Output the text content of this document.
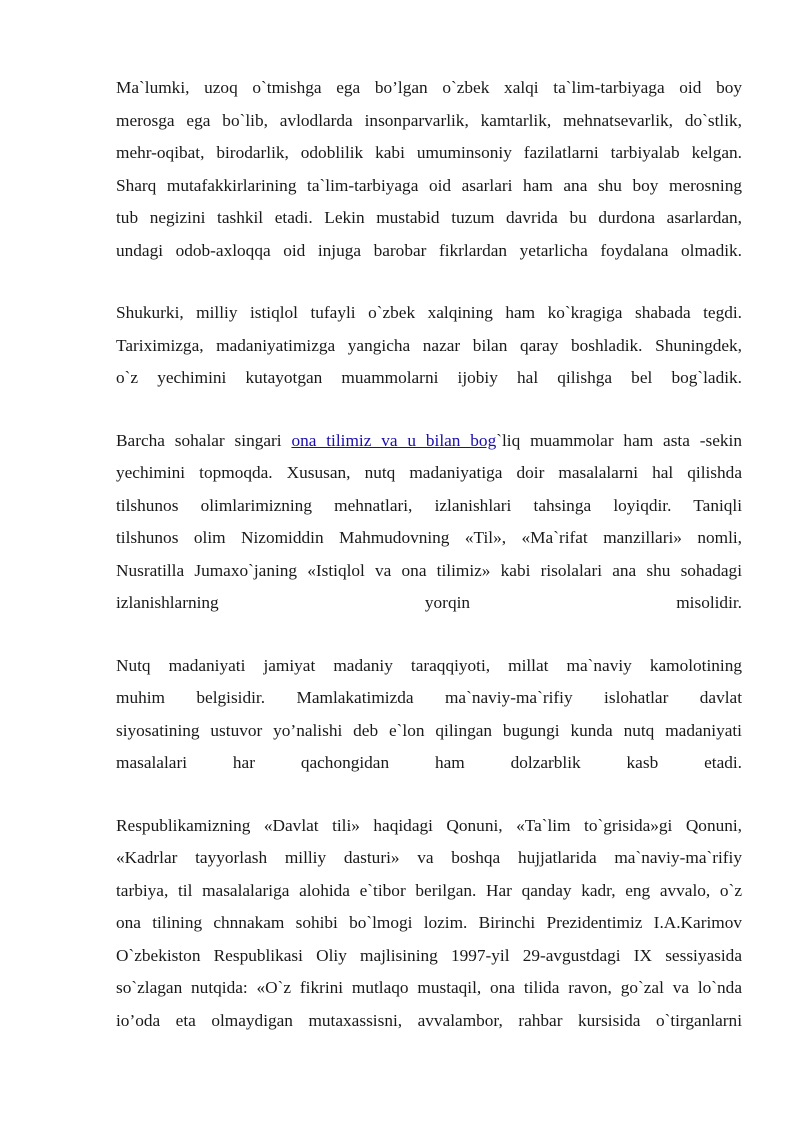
Ma`lumki, uzoq o`tmishga ega bo’lgan o`zbek xalqi ta`lim-tarbiyaga oid boy
merosga ega bo`lib, avlodlarda insonparvarlik, kamtarlik, mehnatsevarlik, do`stlik,
mehr-oqibat, birodarlik, odoblilik kabi umuminsoniy fazilatlarni tarbiyalab kelgan.
Sharq mutafakkirlarining ta`lim-tarbiyaga oid asarlari ham ana shu boy merosning
tub negizini tashkil etadi. Lekin mustabid tuzum davrida bu durdona asarlardan,
undagi odob-axloqqa oid injuga barobar fikrlardan yetarlicha foydalana olmadik.

Shukurki, milliy istiqlol tufayli o`zbek xalqining ham ko`kragiga shabada tegdi.
Tariximizga, madaniyatimizga yangicha nazar bilan qaray boshladik. Shuningdek,
o`z yechimini kutayotgan muammolarni ijobiy hal qilishga bel bog`ladik.

Barcha sohalar singari ona tilimiz va u bilan bog`liq muammolar ham asta -sekin
yechimini topmoqda. Xususan, nutq madaniyatiga doir masalalarni hal qilishda
tilshunos olimlarimizning mehnatlari, izlanishlari tahsinga loyiqdir. Taniqli
tilshunos olim Nizomiddin Mahmudovning «Til», «Ma`rifat manzillari» nomli,
Nusratilla Jumaxo`janing «Istiqlol va ona tilimiz» kabi risolalari ana shu sohadagi
izlanishlarning yorqin misolidir.

Nutq madaniyati jamiyat madaniy taraqqiyoti, millat ma`naviy kamolotining
muhim belgisidir. Mamlakatimizda ma`naviy-ma`rifiy islohatlar davlat
siyosatining ustuvor yo’nalishi deb e`lon qilingan bugungi kunda nutq madaniyati
masalalari har qachongidan ham dolzarblik kasb etadi.

Respublikamizning «Davlat tili» haqidagi Qonuni, «Ta`lim to`grisida»gi Qonuni,
«Kadrlar tayyorlash milliy dasturi» va boshqa hujjatlarida ma`naviy-ma`rifiy
tarbiya, til masalalariga alohida e`tibor berilgan. Har qanday kadr, eng avvalo, o`z
ona tilining chnnakam sohibi bo`lmogi lozim. Birinchi Prezidentimiz I.A.Karimov
O`zbekiston Respublikasi Oliy majlisining 1997-yil 29-avgustdagi IX sessiyasida
so`zlagan nutqida: «O`z fikrini mutlaqo mustaqil, ona tilida ravon, go`zal va lo`nda
io’oda eta olmaydigan mutaxassisni, avvalambor, rahbar kursisida o`tirganlarni
